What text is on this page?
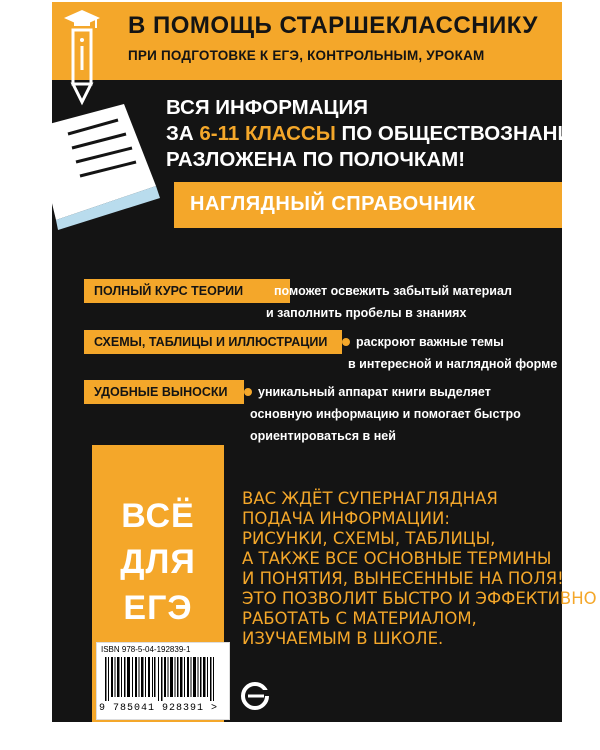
В ПОМОЩЬ СТАРШЕКЛАССНИКУ
ПРИ ПОДГОТОВКЕ К ЕГЭ, КОНТРОЛЬНЫМ, УРОКАМ
ВСЯ ИНФОРМАЦИЯ
ЗА 6-11 КЛАССЫ ПО ОБЩЕСТВОЗНАНИЮ
РАЗЛОЖЕНА ПО ПОЛОЧКАМ!
НАГЛЯДНЫЙ СПРАВОЧНИК
ПОЛНЫЙ КУРС ТЕОРИИ	поможет освежить забытый материал
и заполнить пробелы в знаниях
СХЕМЫ, ТАБЛИЦЫ И ИЛЛЮСТРАЦИИ	раскроют важные темы
в интересной и наглядной форме
УДОБНЫЕ ВЫНОСКИ	уникальный аппарат книги выделяет
основную информацию и помогает быстро
ориентироваться в ней
ВСЁ
ДЛЯ
ЕГЭ
ISBN 978-5-04-192839-1
9 785041 928391 >
ВАС ЖДЁТ СУПЕРНАГЛЯДНАЯ
ПОДАЧА ИНФОРМАЦИИ:
РИСУНКИ, СХЕМЫ, ТАБЛИЦЫ,
А ТАКЖЕ ВСЕ ОСНОВНЫЕ ТЕРМИНЫ
И ПОНЯТИЯ, ВЫНЕСЕННЫЕ НА ПОЛЯ!
ЭТО ПОЗВОЛИТ БЫСТРО И ЭФФЕКТИВНО
РАБОТАТЬ С МАТЕРИАЛОМ,
ИЗУЧАЕМЫМ В ШКОЛЕ.
